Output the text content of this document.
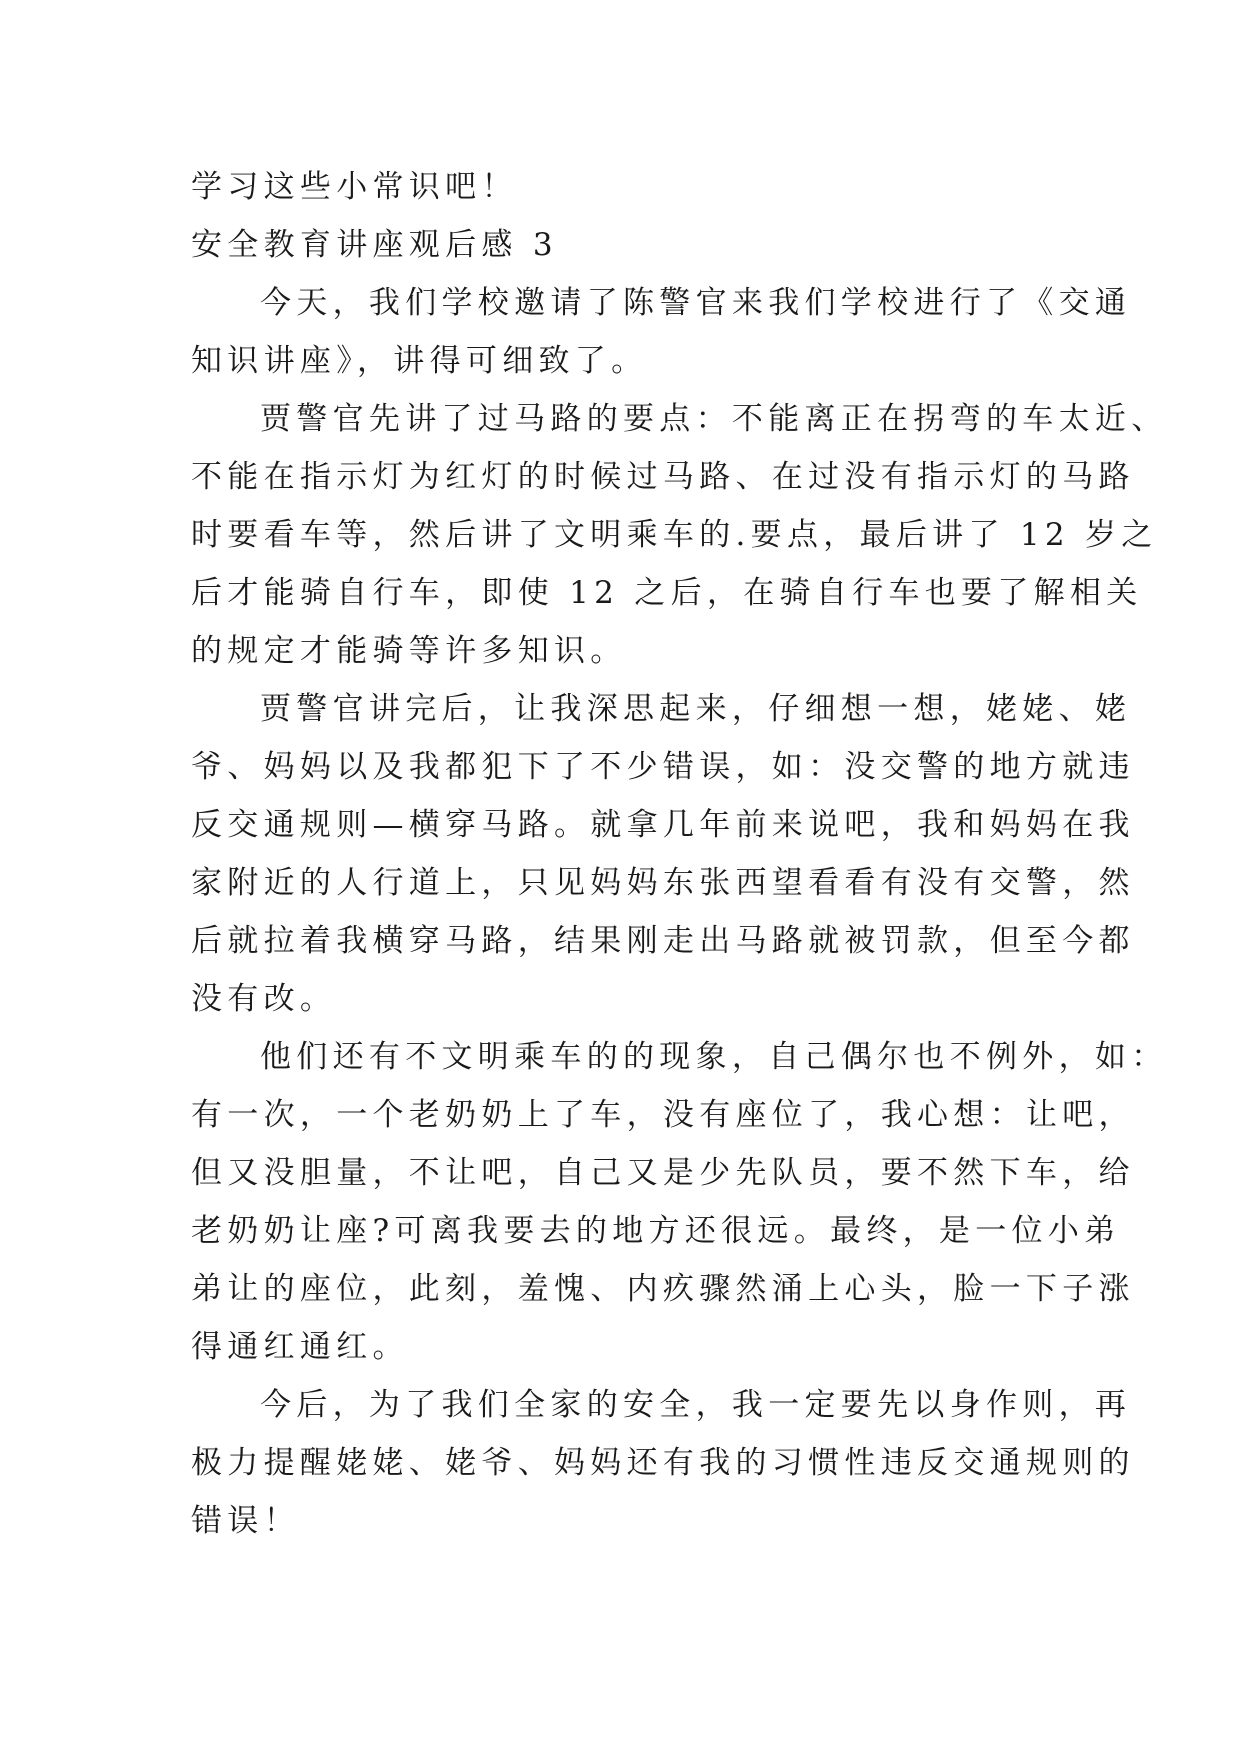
学习这些小常识吧！

安全教育讲座观后感 3

今天，我们学校邀请了陈警官来我们学校进行了《交通

知识讲座》，讲得可细致了。

贾警官先讲了过马路的要点：不能离正在拐弯的车太近、

不能在指示灯为红灯的时候过马路、在过没有指示灯的马路

时要看车等，然后讲了文明乘车的.要点，最后讲了 12 岁之

后才能骑自行车，即使 12 之后，在骑自行车也要了解相关

的规定才能骑等许多知识。

贾警官讲完后，让我深思起来，仔细想一想，姥姥、姥

爷、妈妈以及我都犯下了不少错误，如：没交警的地方就违

反交通规则—横穿马路。就拿几年前来说吧，我和妈妈在我

家附近的人行道上，只见妈妈东张西望看看有没有交警，然

后就拉着我横穿马路，结果刚走出马路就被罚款，但至今都

没有改。

他们还有不文明乘车的的现象，自己偶尔也不例外，如：

有一次，一个老奶奶上了车，没有座位了，我心想：让吧，

但又没胆量，不让吧，自己又是少先队员，要不然下车，给

老奶奶让座?可离我要去的地方还很远。最终，是一位小弟

弟让的座位，此刻，羞愧、内疚骤然涌上心头，脸一下子涨

得通红通红。

今后，为了我们全家的安全，我一定要先以身作则，再

极力提醒姥姥、姥爷、妈妈还有我的习惯性违反交通规则的

错误！
